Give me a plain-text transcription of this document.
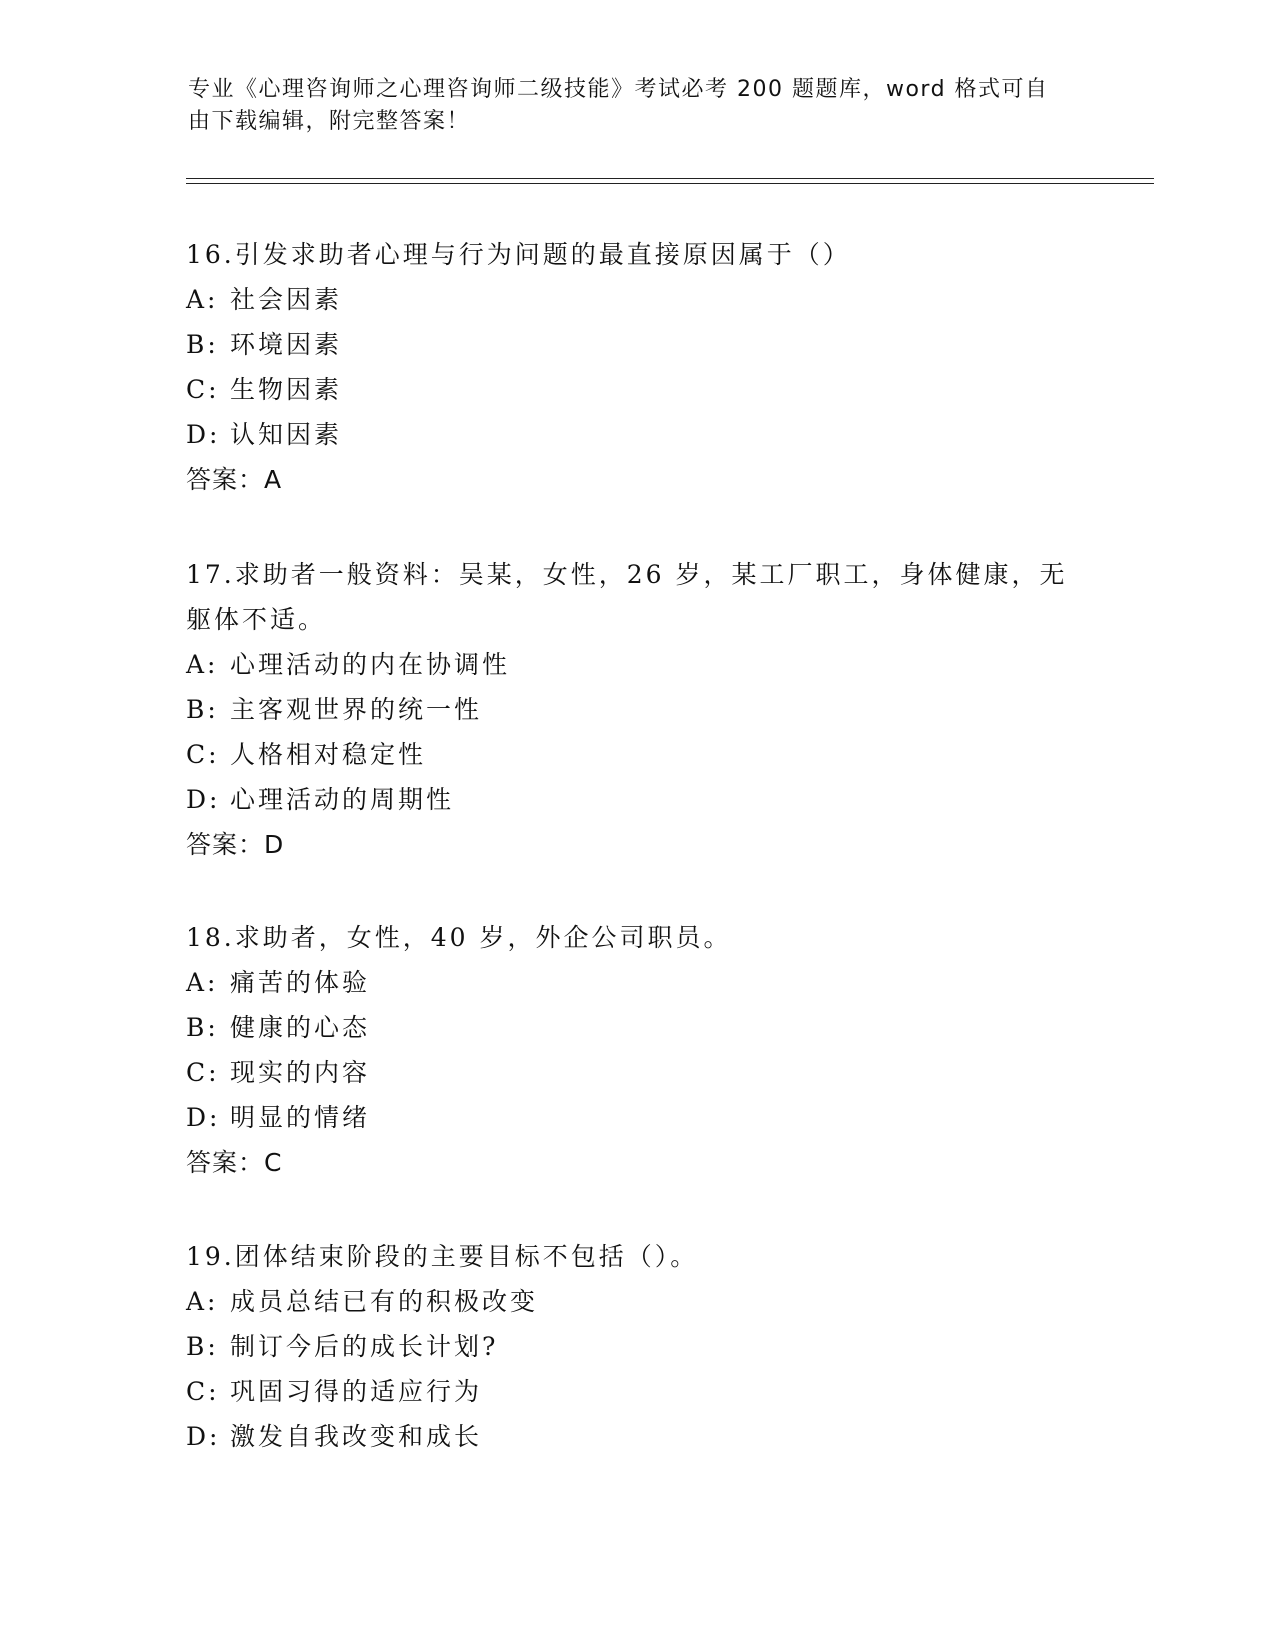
专业《心理咨询师之心理咨询师二级技能》考试必考 200 题题库，word 格式可自
由下载编辑，附完整答案！

16.引发求助者心理与行为问题的最直接原因属于（）

A: 社会因素

B: 环境因素

C: 生物因素

D: 认知因素

答案：A

17.求助者一般资料：吴某，女性，26 岁，某工厂职工，身体健康，无

躯体不适。

A: 心理活动的内在协调性

B: 主客观世界的统一性

C: 人格相对稳定性

D: 心理活动的周期性

答案：D

18.求助者，女性，40 岁，外企公司职员。

A: 痛苦的体验

B: 健康的心态

C: 现实的内容

D: 明显的情绪

答案：C

19.团体结束阶段的主要目标不包括（）。

A: 成员总结已有的积极改变

B: 制订今后的成长计划?

C: 巩固习得的适应行为

D: 激发自我改变和成长
